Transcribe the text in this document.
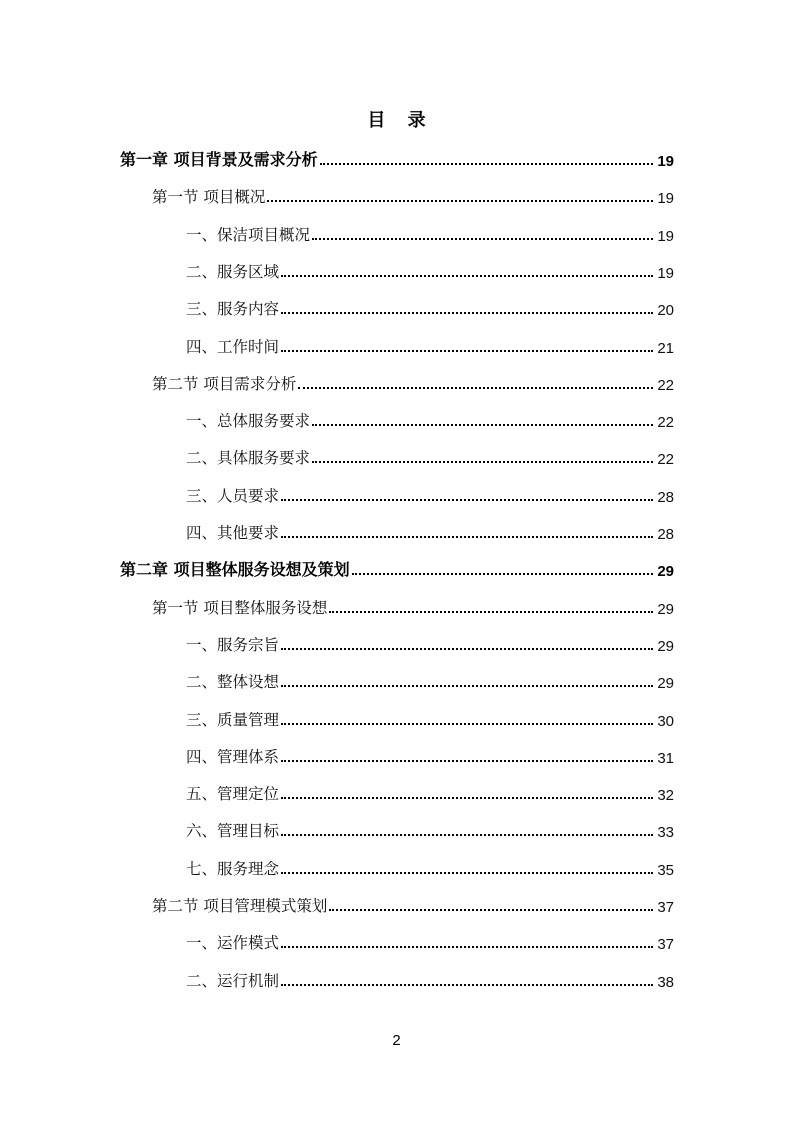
目 录
第一章 项目背景及需求分析	19
第一节 项目概况	19
一、保洁项目概况	19
二、服务区域	19
三、服务内容	20
四、工作时间	21
第二节 项目需求分析	22
一、总体服务要求	22
二、具体服务要求	22
三、人员要求	28
四、其他要求	28
第二章 项目整体服务设想及策划	29
第一节 项目整体服务设想	29
一、服务宗旨	29
二、整体设想	29
三、质量管理	30
四、管理体系	31
五、管理定位	32
六、管理目标	33
七、服务理念	35
第二节 项目管理模式策划	37
一、运作模式	37
二、运行机制	38
2
